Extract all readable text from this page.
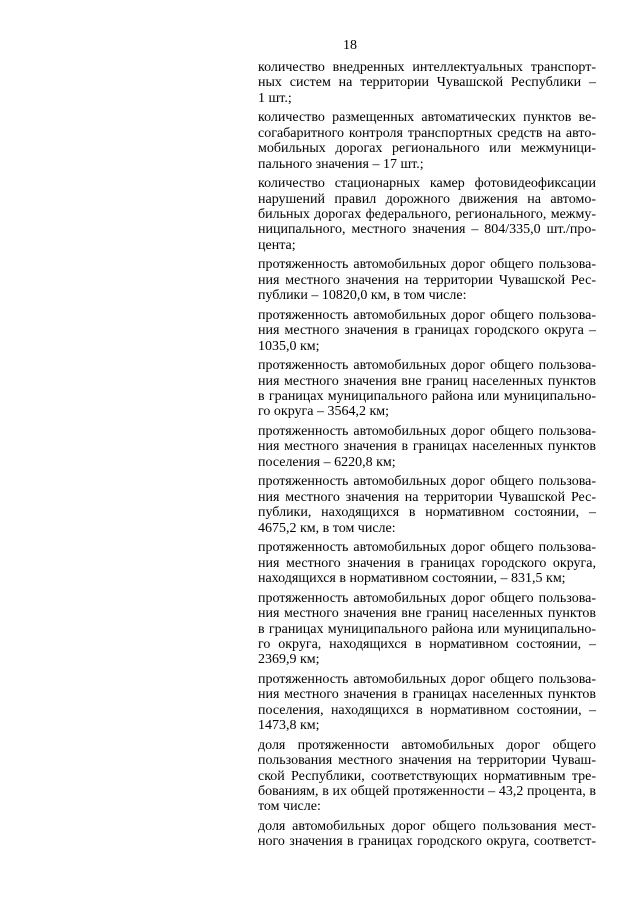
18

количество внедренных интеллектуальных транспорт-
ных систем на территории Чувашской Республики –
1 шт.;

количество размещенных автоматических пунктов ве-
согабаритного контроля транспортных средств на авто-
мобильных дорогах регионального или межмуници-
пального значения – 17 шт.;

количество стационарных камер фотовидеофиксации
нарушений правил дорожного движения на автомо-
бильных дорогах федерального, регионального, межму-
ниципального, местного значения – 804/335,0 шт./про-
цента;

протяженность автомобильных дорог общего пользова-
ния местного значения на территории Чувашской Рес-
публики – 10820,0 км, в том числе:

протяженность автомобильных дорог общего пользова-
ния местного значения в границах городского округа –
1035,0 км;

протяженность автомобильных дорог общего пользова-
ния местного значения вне границ населенных пунктов
в границах муниципального района или муниципально-
го округа – 3564,2 км;

протяженность автомобильных дорог общего пользова-
ния местного значения в границах населенных пунктов
поселения – 6220,8 км;

протяженность автомобильных дорог общего пользова-
ния местного значения на территории Чувашской Рес-
публики, находящихся в нормативном состоянии, –
4675,2 км, в том числе:

протяженность автомобильных дорог общего пользова-
ния местного значения в границах городского округа,
находящихся в нормативном состоянии, – 831,5 км;

протяженность автомобильных дорог общего пользова-
ния местного значения вне границ населенных пунктов
в границах муниципального района или муниципально-
го округа, находящихся в нормативном состоянии, –
2369,9 км;

протяженность автомобильных дорог общего пользова-
ния местного значения в границах населенных пунктов
поселения, находящихся в нормативном состоянии, –
1473,8 км;

доля протяженности автомобильных дорог общего
пользования местного значения на территории Чуваш-
ской Республики, соответствующих нормативным тре-
бованиям, в их общей протяженности – 43,2 процента, в
том числе:

доля автомобильных дорог общего пользования мест-
ного значения в границах городского округа, соответст-
